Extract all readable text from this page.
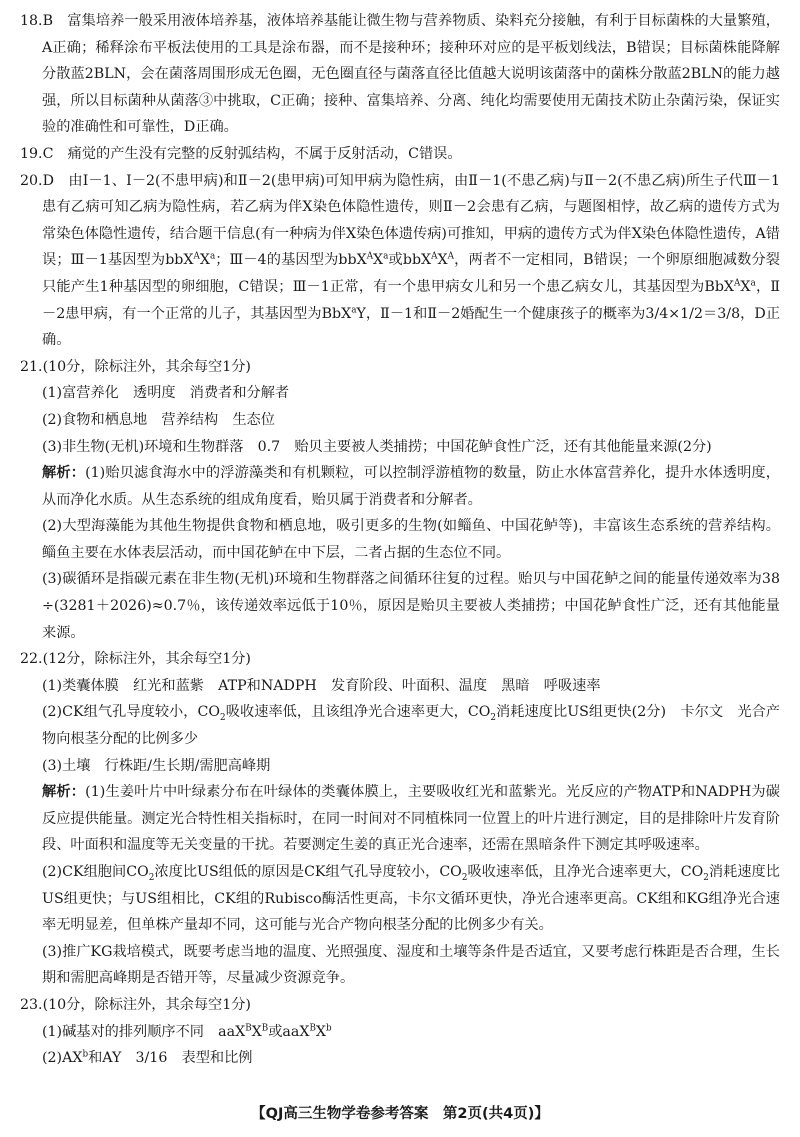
18.B　 富集培养一般采用液体培养基，液体培养基能让微生物与营养物质、染料充分接触，有利于目标菌株的大量繁殖，A正确；稀释涂布平板法使用的工具是涂布器，而不是接种环；接种环对应的是平板划线法，B错误；目标菌株能降解分散蓝2BLN，会在菌落周围形成无色圈，无色圈直径与菌落直径比值越大说明该菌落中的菌株分散蓝2BLN的能力越强，所以目标菌种从菌落③中挑取，C正确；接种、富集培养、分离、纯化均需要使用无菌技术防止杂菌污染，保证实验的准确性和可靠性，D正确。

19.C　 痛觉的产生没有完整的反射弧结构，不属于反射活动，C错误。

20.D　 由Ⅰ－1、Ⅰ－2(不患甲病)和Ⅱ－2(患甲病)可知甲病为隐性病，由Ⅱ－1(不患乙病)与Ⅱ－2(不患乙病)所生子代Ⅲ－1患有乙病可知乙病为隐性病，若乙病为伴X染色体隐性遗传，则Ⅱ－2会患有乙病，与题图相悖，故乙病的遗传方式为常染色体隐性遗传，结合题干信息(有一种病为伴X染色体遗传病)可推知，甲病的遗传方式为伴X染色体隐性遗传，A错误；Ⅲ－1基因型为$bbX^AX^a$；Ⅲ－4的基因型为$bbX^AX^a$或$bbX^AX^A$，两者不一定相同，B错误；一个卵原细胞减数分裂只能产生1种基因型的卵细胞，C错误；Ⅲ－1正常，有一个患甲病女儿和另一个患乙病女儿，其基因型为$BbX^AX^a$，Ⅱ－2患甲病，有一个正常的儿子，其基因型为BbX$^a$Y，Ⅱ－1和Ⅱ－2婚配生一个健康孩子的概率为3/4×1/2＝3/8，D正确。

21.(10分，除标注外，其余每空1分)

(1)富营养化　透明度　消费者和分解者

(2)食物和栖息地　营养结构　生态位

(3)非生物(无机)环境和生物群落　0.7　贻贝主要被人类捕捞；中国花鲈食性广泛，还有其他能量来源(2分)

解析：(1)贻贝滤食海水中的浮游藻类和有机颗粒，可以控制浮游植物的数量，防止水体富营养化，提升水体透明度，从而净化水质。从生态系统的组成角度看，贻贝属于消费者和分解者。

(2)大型海藻能为其他生物提供食物和栖息地，吸引更多的生物(如鲻鱼、中国花鲈等)，丰富该生态系统的营养结构。鲻鱼主要在水体表层活动，而中国花鲈在中下层，二者占据的生态位不同。

(3)碳循环是指碳元素在非生物(无机)环境和生物群落之间循环往复的过程。贻贝与中国花鲈之间的能量传递效率为38÷(3281＋2026)≈0.7％，该传递效率远低于10％，原因是贻贝主要被人类捕捞；中国花鲈食性广泛，还有其他能量来源。

22.(12分，除标注外，其余每空1分)

(1)类囊体膜　红光和蓝紫　ATP和NADPH　发育阶段、叶面积、温度　黑暗　呼吸速率

(2)CK组气孔导度较小，$CO_2$吸收速率低，且该组净光合速率更大，$CO_2$消耗速度比US组更快(2分)　卡尔文　光合产物向根茎分配的比例多少

(3)土壤　行株距/生长期/需肥高峰期

解析：(1)生姜叶片中叶绿素分布在叶绿体的类囊体膜上，主要吸收红光和蓝紫光。光反应的产物ATP和NADPH为碳反应提供能量。测定光合特性相关指标时，在同一时间对不同植株同一位置上的叶片进行测定，目的是排除叶片发育阶段、叶面积和温度等无关变量的干扰。若要测定生姜的真正光合速率，还需在黑暗条件下测定其呼吸速率。

(2)CK组胞间$CO_2$浓度比US组低的原因是CK组气孔导度较小，$CO_2$吸收速率低，且净光合速率更大，$CO_2$消耗速度比US组更快；与US组相比，CK组的Rubisco酶活性更高，卡尔文循环更快，净光合速率更高。CK组和KG组净光合速率无明显差，但单株产量却不同，这可能与光合产物向根茎分配的比例多少有关。

(3)推广KG栽培模式，既要考虑当地的温度、光照强度、湿度和土壤等条件是否适宜，又要考虑行株距是否合理，生长期和需肥高峰期是否错开等，尽量减少资源竞争。

23.(10分，除标注外，其余每空1分)

(1)碱基对的排列顺序不同　$aaX^BX^B$或$aaX^BX^b$

$(2)AX^b$和AY　3/16　表型和比例

【QJ高三生物学卷参考答案　第2页(共4页)】
